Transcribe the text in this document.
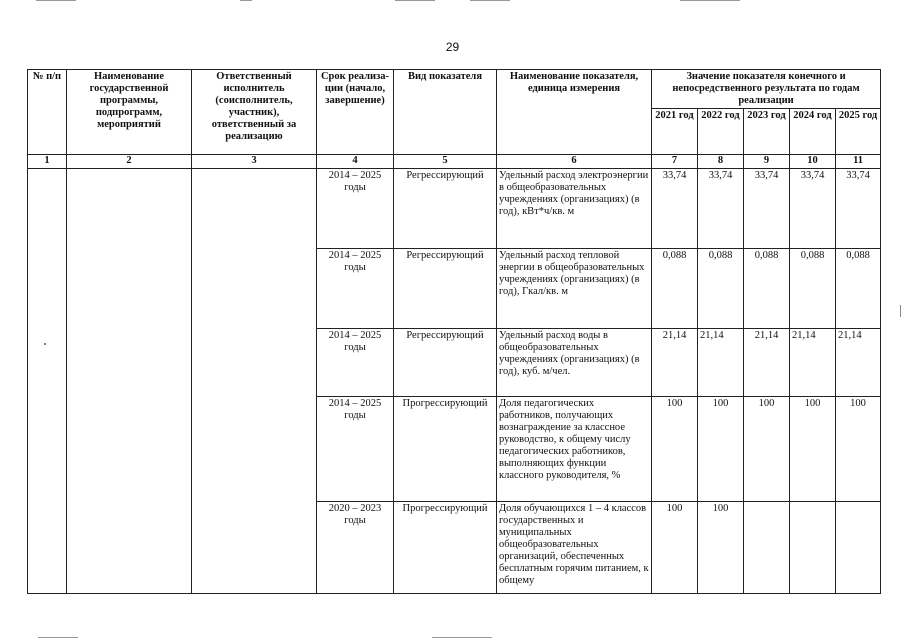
29
№ п/п	Наименование государственной программы, подпрограмм, мероприятий	Ответственный исполнитель (соисполнитель, участник), ответственный за реализацию	Срок реализа-ции (начало, завершение)	Вид показателя	Наименование показателя, единица измерения	Значение показателя конечного и непосредственного результата по годам реализации				
						2021 год	2022 год	2023 год	2024 год	2025 год
1	2	3	4	5	6	7	8	9	10	11
			2014 – 2025 годы	Регрессирующий	Удельный расход электроэнергии в общеобразовательных учреждениях (организациях) (в год), кВт*ч/кв. м	33,74	33,74	33,74	33,74	33,74
			2014 – 2025 годы	Регрессирующий	Удельный расход тепловой энергии в общеобразовательных учреждениях (организациях) (в год), Гкал/кв. м	0,088	0,088	0,088	0,088	0,088
			2014 – 2025 годы	Регрессирующий	Удельный расход воды в общеобразовательных учреждениях (организациях) (в год), куб. м/чел.	21,14	21,14	21,14	21,14	21,14
			2014 – 2025 годы	Прогрессирующий	Доля педагогических работников, получающих вознаграждение за классное руководство, к общему числу педагогических работников, выполняющих функции классного руководителя, %	100	100	100	100	100
			2020 – 2023 годы	Прогрессирующий	Доля обучающихся 1 – 4 классов государственных и муниципальных общеобразовательных организаций, обеспеченных бесплатным горячим питанием, к общему	100	100			
